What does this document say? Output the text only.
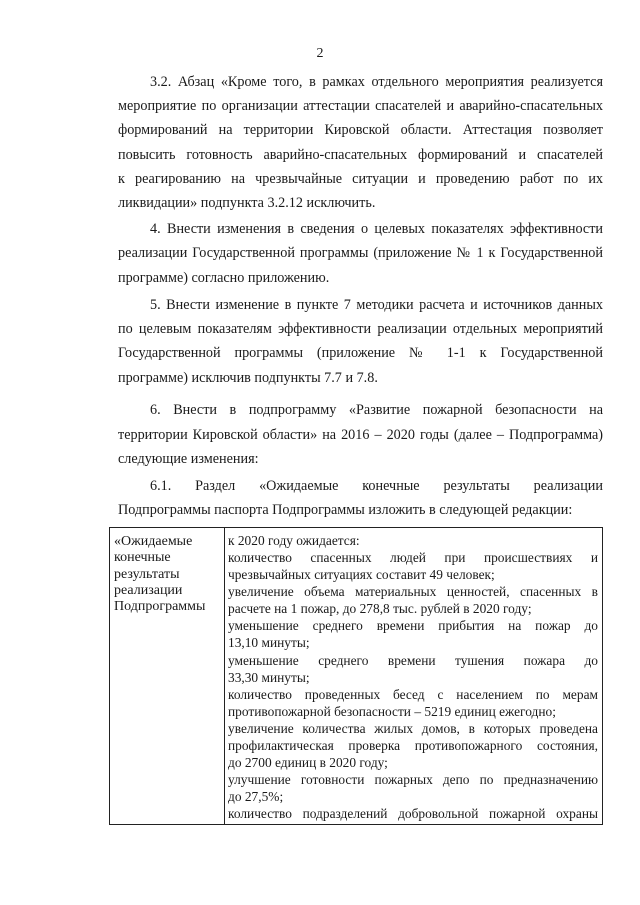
2
3.2. Абзац «Кроме того, в рамках отдельного мероприятия реализуется
мероприятие по организации аттестации спасателей и аварийно-спасательных
формирований на территории Кировской области. Аттестация позволяет
повысить готовность аварийно-спасательных формирований и спасателей
к реагированию на чрезвычайные ситуации и проведению работ по их
ликвидации» подпункта 3.2.12 исключить.
4. Внести изменения в сведения о целевых показателях эффективности
реализации Государственной программы (приложение № 1 к Государственной
программе) согласно приложению.
5. Внести изменение в пункте 7 методики расчета и источников данных
по целевым показателям эффективности реализации отдельных мероприятий
Государственной программы (приложение № 1-1 к Государственной
программе) исключив подпункты 7.7 и 7.8.
6. Внести в подпрограмму «Развитие пожарной безопасности на
территории Кировской области» на 2016 – 2020 годы (далее – Подпрограмма)
следующие изменения:
6.1. Раздел «Ожидаемые конечные результаты реализации
Подпрограммы паспорта Подпрограммы изложить в следующей редакции:
«Ожидаемые
конечные
результаты
реализации
Подпрограммы
к 2020 году ожидается:
количество спасенных людей при происшествиях и
чрезвычайных ситуациях составит 49 человек;
увеличение объема материальных ценностей, спасенных в
расчете на 1 пожар, до 278,8 тыс. рублей в 2020 году;
уменьшение среднего времени прибытия на пожар до
13,10 минуты;
уменьшение среднего времени тушения пожара до
33,30 минуты;
количество проведенных бесед с населением по мерам
противопожарной безопасности – 5219 единиц ежегодно;
увеличение количества жилых домов, в которых проведена
профилактическая проверка противопожарного состояния,
до 2700 единиц в 2020 году;
улучшение готовности пожарных депо по предназначению
до 27,5%;
количество подразделений добровольной пожарной охраны
